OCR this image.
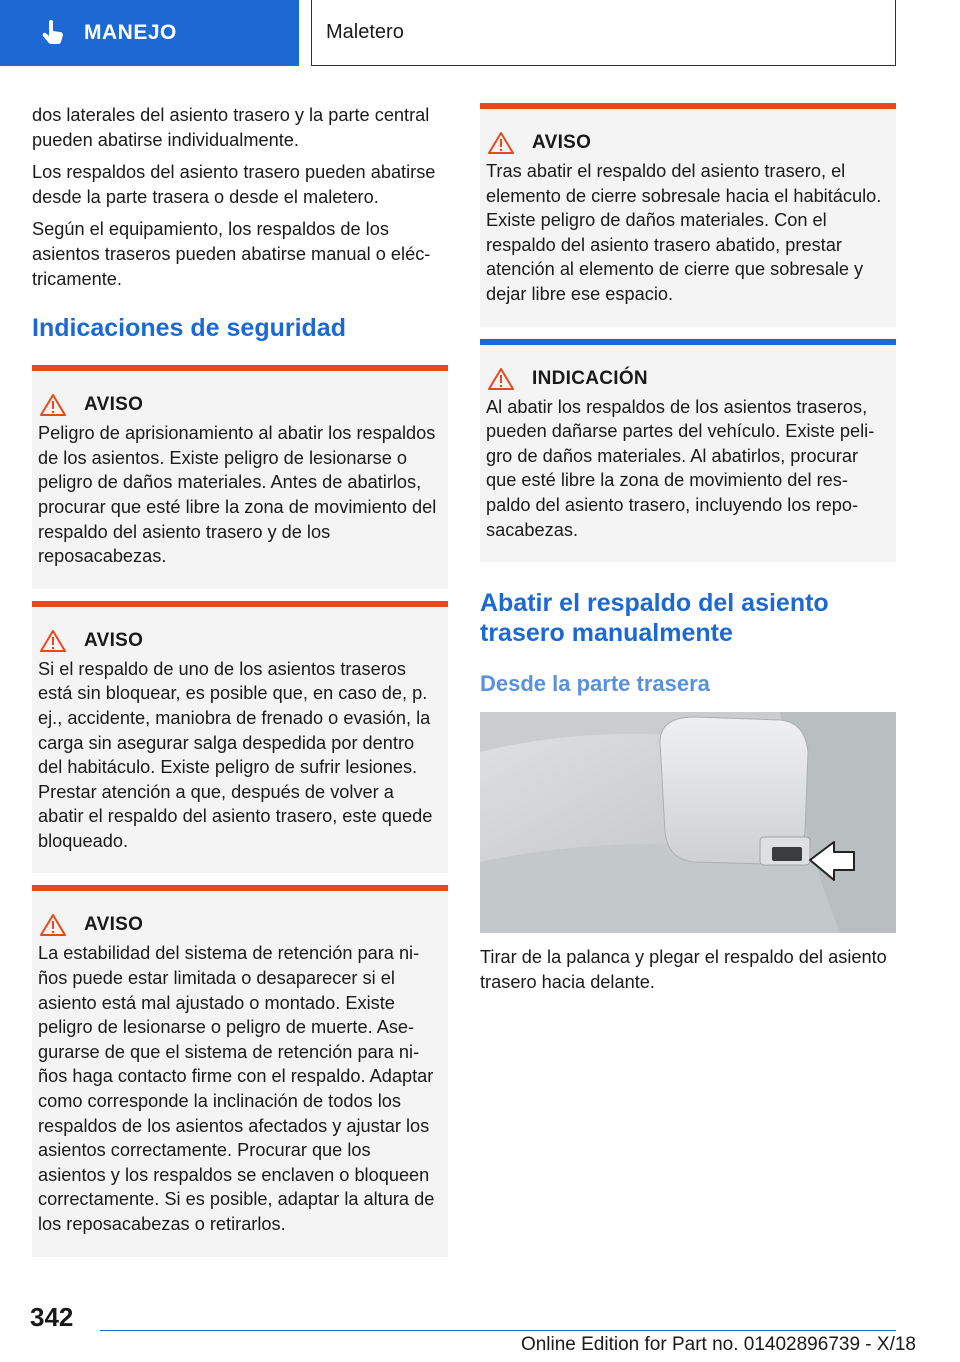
MANEJO	Maletero

dos laterales del asiento trasero y la parte central pueden abatirse individualmente.

Los respaldos del asiento trasero pueden abatirse desde la parte trasera o desde el maletero.

Según el equipamiento, los respaldos de los asientos traseros pueden abatirse manual o eléctricamente.

Indicaciones de seguridad
AVISO

Peligro de aprisionamiento al abatir los respaldos de los asientos. Existe peligro de lesionarse o peligro de daños materiales. Antes de abatirlos, procurar que esté libre la zona de movimiento del respaldo del asiento trasero y de los reposacabezas.

AVISO

Si el respaldo de uno de los asientos traseros está sin bloquear, es posible que, en caso de, p. ej., accidente, maniobra de frenado o evasión, la carga sin asegurar salga despedida por dentro del habitáculo. Existe peligro de sufrir lesiones. Prestar atención a que, después de volver a abatir el respaldo del asiento trasero, este quede bloqueado.

AVISO

La estabilidad del sistema de retención para niños puede estar limitada o desaparecer si el asiento está mal ajustado o montado. Existe peligro de lesionarse o peligro de muerte. Asegurarse de que el sistema de retención para niños haga contacto firme con el respaldo. Adaptar como corresponde la inclinación de todos los respaldos de los asientos afectados y ajustar los asientos correctamente. Procurar que los asientos y los respaldos se enclaven o bloqueen correctamente. Si es posible, adaptar la altura de los reposacabezas o retirarlos.

AVISO

Tras abatir el respaldo del asiento trasero, el elemento de cierre sobresale hacia el habitáculo. Existe peligro de daños materiales. Con el respaldo del asiento trasero abatido, prestar atención al elemento de cierre que sobresale y dejar libre ese espacio.

INDICACIÓN

Al abatir los respaldos de los asientos traseros, pueden dañarse partes del vehículo. Existe peligro de daños materiales. Al abatirlos, procurar que esté libre la zona de movimiento del respaldo del asiento trasero, incluyendo los reposacabezas.

Abatir el respaldo del asiento trasero manualmente
Desde la parte trasera

Tirar de la palanca y plegar el respaldo del asiento trasero hacia delante.

342
Online Edition for Part no. 01402896739 - X/18
